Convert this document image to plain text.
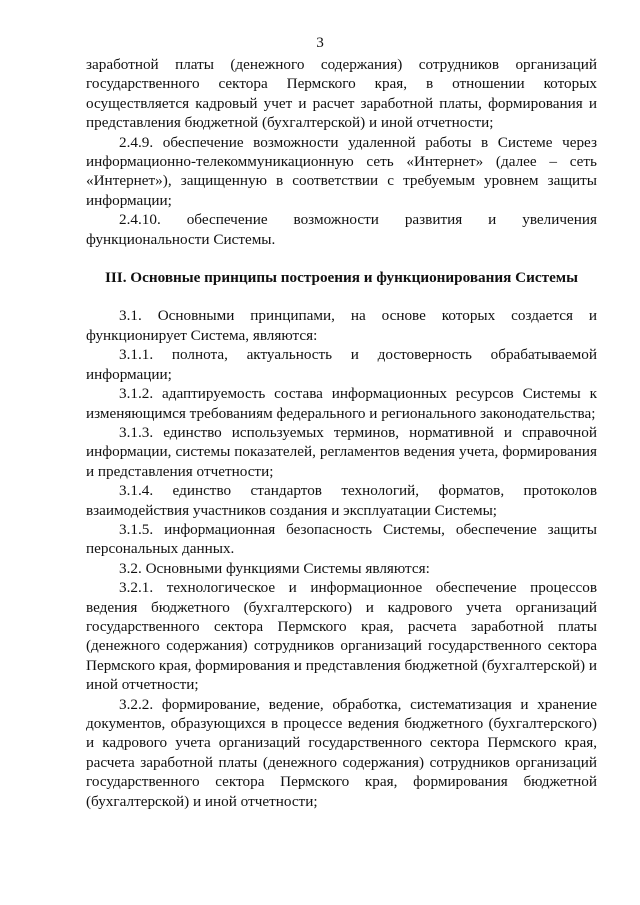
3

заработной платы (денежного содержания) сотрудников организаций государственного сектора Пермского края, в отношении которых осуществляется кадровый учет и расчет заработной платы, формирования и представления бюджетной (бухгалтерской) и иной отчетности;

2.4.9. обеспечение возможности удаленной работы в Системе через информационно-телекоммуникационную сеть «Интернет» (далее – сеть «Интернет»), защищенную в соответствии с требуемым уровнем защиты информации;

2.4.10. обеспечение возможности развития и увеличения функциональности Системы.

III. Основные принципы построения и функционирования Системы

3.1. Основными принципами, на основе которых создается и функционирует Система, являются:

3.1.1. полнота, актуальность и достоверность обрабатываемой информации;

3.1.2. адаптируемость состава информационных ресурсов Системы к изменяющимся требованиям федерального и регионального законодательства;

3.1.3. единство используемых терминов, нормативной и справочной информации, системы показателей, регламентов ведения учета, формирования и представления отчетности;

3.1.4. единство стандартов технологий, форматов, протоколов взаимодействия участников создания и эксплуатации Системы;

3.1.5. информационная безопасность Системы, обеспечение защиты персональных данных.

3.2. Основными функциями Системы являются:

3.2.1. технологическое и информационное обеспечение процессов ведения бюджетного (бухгалтерского) и кадрового учета организаций государственного сектора Пермского края, расчета заработной платы (денежного содержания) сотрудников организаций государственного сектора Пермского края, формирования и представления бюджетной (бухгалтерской) и иной отчетности;

3.2.2. формирование, ведение, обработка, систематизация и хранение документов, образующихся в процессе ведения бюджетного (бухгалтерского) и кадрового учета организаций государственного сектора Пермского края, расчета заработной платы (денежного содержания) сотрудников организаций государственного сектора Пермского края, формирования бюджетной (бухгалтерской) и иной отчетности;
